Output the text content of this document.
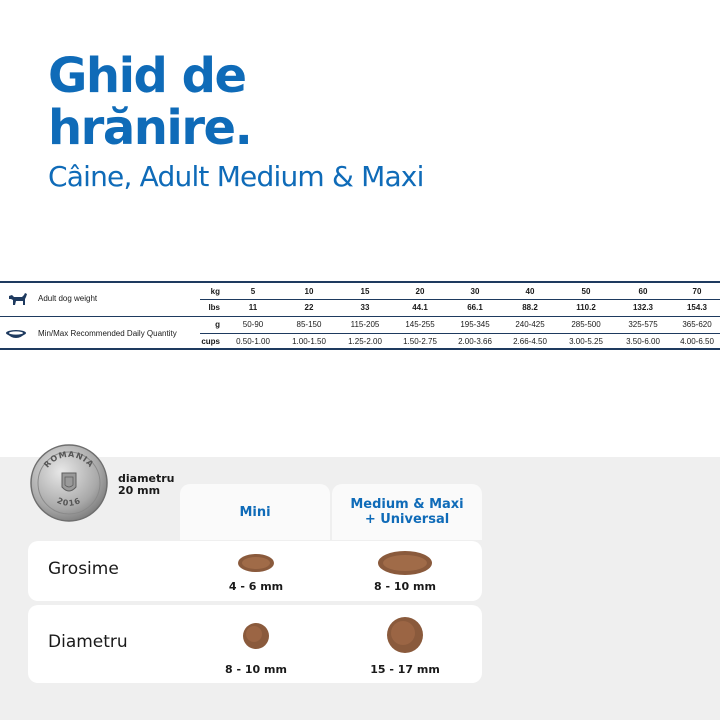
Ghid de
hrănire.
Câine, Adult Medium & Maxi
Adult dog weight
Min/Max Recommended Daily Quantity
kg	5	10	15	20	30	40	50	60	70
lbs	11	22	33	44.1	66.1	88.2	110.2	132.3	154.3
g	50-90	85-150	115-205	145-255	195-345	240-425	285-500	325-575	365-620
cups	0.50-1.00	1.00-1.50	1.25-2.00	1.50-2.75	2.00-3.66	2.66-4.50	3.00-5.25	3.50-6.00	4.00-6.50
ROMANIA
2016
diametru
20 mm
Mini	Medium & Maxi
+ Universal
Grosime
4 - 6 mm	8 - 10 mm
Diametru
8 - 10 mm	15 - 17 mm
